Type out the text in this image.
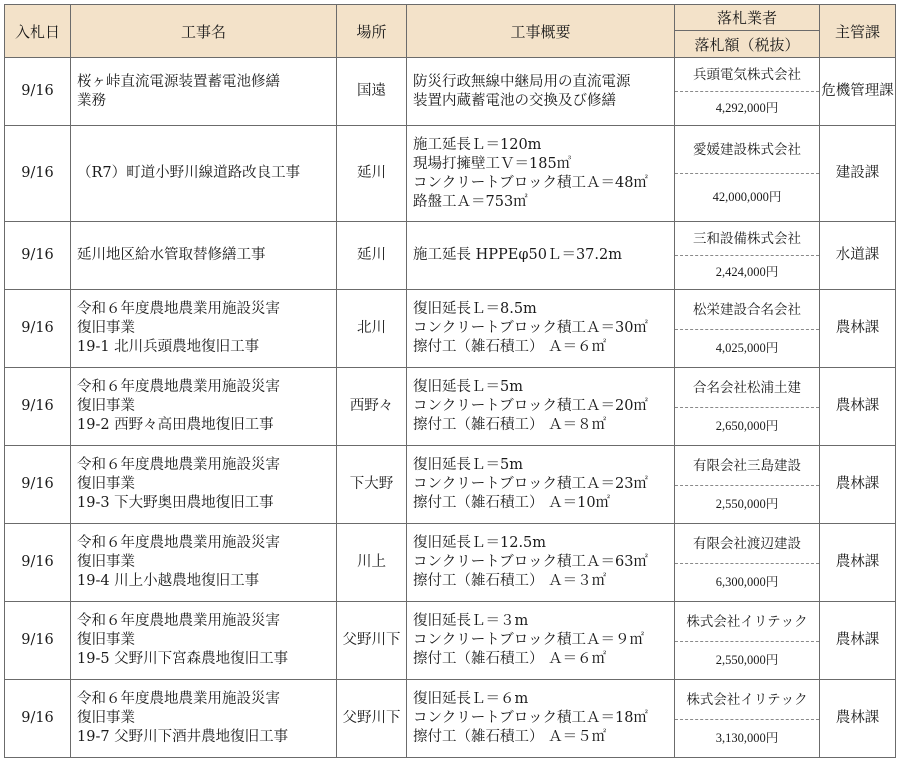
入札日	工事名	場所	工事概要	落札業者	主管課
				落札額（税抜）	
9/16	桜ヶ峠直流電源装置蓄電池修繕
業務	国遠	防災行政無線中継局用の直流電源
装置内蔵蓄電池の交換及び修繕	兵頭電気株式会社	危機管理課
				4,292,000円	
9/16	（R7）町道小野川線道路改良工事	延川	施工延長Ｌ＝120m
現場打擁壁工Ｖ＝185㎥
コンクリートブロック積工Ａ＝48㎡
路盤工Ａ＝753㎡	愛媛建設株式会社	建設課
				42,000,000円	
9/16	延川地区給水管取替修繕工事	延川	施工延長 HPPEφ50Ｌ＝37.2m	三和設備株式会社	水道課
				2,424,000円	
9/16	令和６年度農地農業用施設災害
復旧事業
19-1 北川兵頭農地復旧工事	北川	復旧延長Ｌ＝8.5m
コンクリートブロック積工Ａ＝30㎡
擦付工（雑石積工） Ａ＝６㎡	松栄建設合名会社	農林課
				4,025,000円	
9/16	令和６年度農地農業用施設災害
復旧事業
19-2 西野々高田農地復旧工事	西野々	復旧延長Ｌ＝5m
コンクリートブロック積工Ａ＝20㎡
擦付工（雑石積工） Ａ＝８㎡	合名会社松浦土建	農林課
				2,650,000円	
9/16	令和６年度農地農業用施設災害
復旧事業
19-3 下大野奥田農地復旧工事	下大野	復旧延長Ｌ＝5m
コンクリートブロック積工Ａ＝23㎡
擦付工（雑石積工） Ａ＝10㎡	有限会社三島建設	農林課
				2,550,000円	
9/16	令和６年度農地農業用施設災害
復旧事業
19-4 川上小越農地復旧工事	川上	復旧延長Ｌ＝12.5m
コンクリートブロック積工Ａ＝63㎡
擦付工（雑石積工） Ａ＝３㎡	有限会社渡辺建設	農林課
				6,300,000円	
9/16	令和６年度農地農業用施設災害
復旧事業
19-5 父野川下宮森農地復旧工事	父野川下	復旧延長Ｌ＝３m
コンクリートブロック積工Ａ＝９㎡
擦付工（雑石積工） Ａ＝６㎡	株式会社イリテック	農林課
				2,550,000円	
9/16	令和６年度農地農業用施設災害
復旧事業
19-7 父野川下酒井農地復旧工事	父野川下	復旧延長Ｌ＝６m
コンクリートブロック積工Ａ＝18㎡
擦付工（雑石積工） Ａ＝５㎡	株式会社イリテック	農林課
				3,130,000円	
